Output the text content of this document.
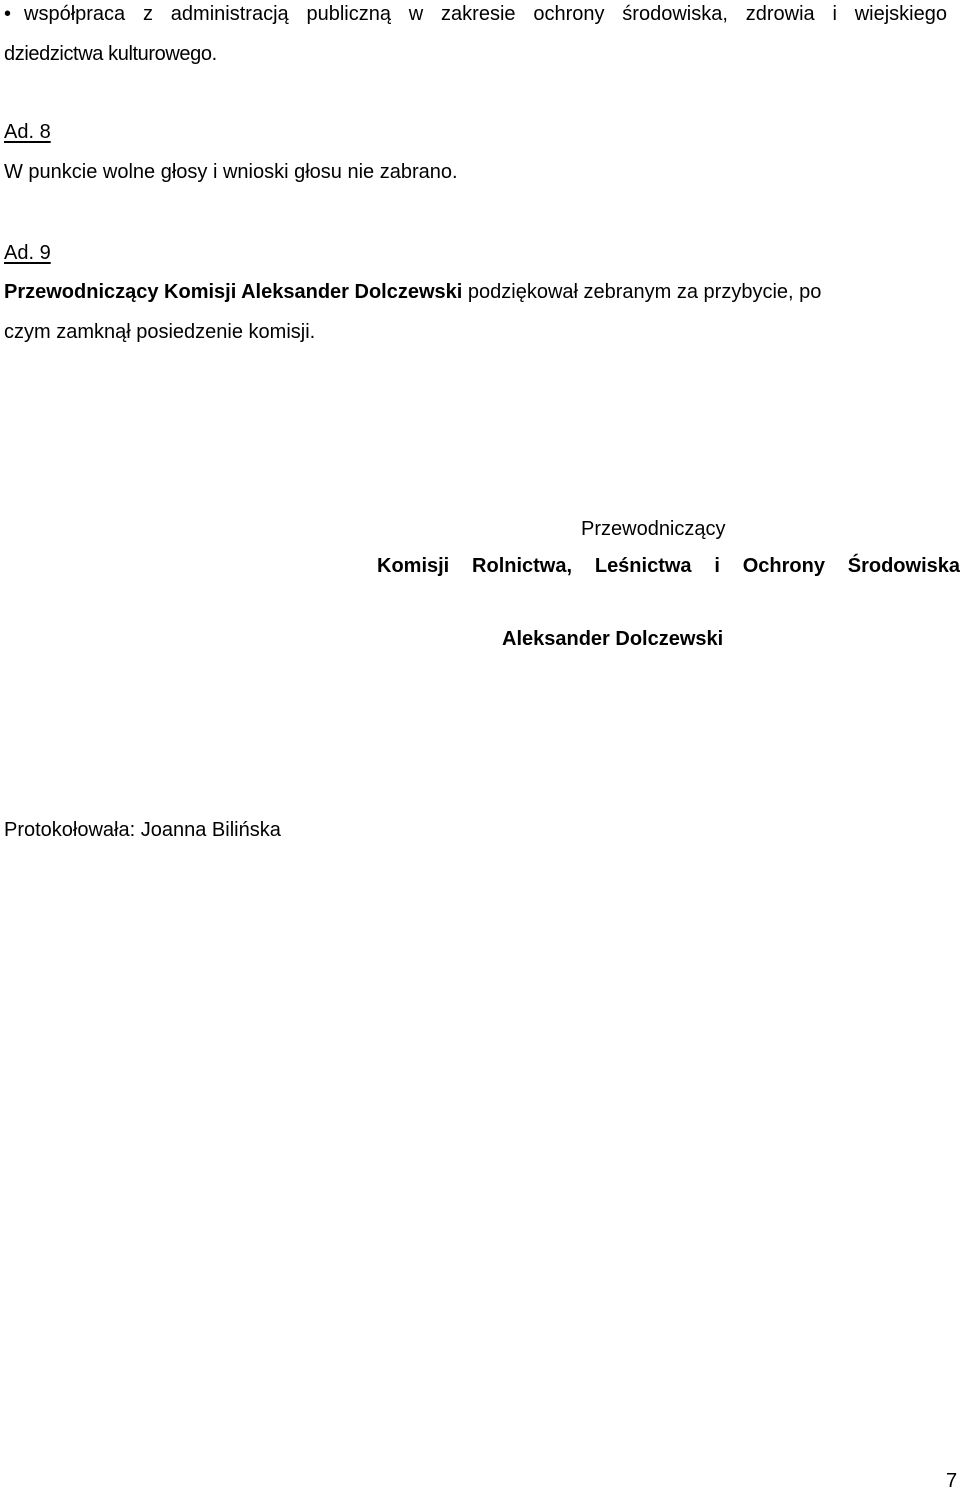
• współpraca z administracją publiczną w zakresie ochrony środowiska, zdrowia i wiejskiego
dziedzictwa kulturowego.
Ad. 8
W punkcie wolne głosy i wnioski głosu nie zabrano.
Ad. 9
Przewodniczący Komisji Aleksander Dolczewski podziękował zebranym za przybycie, po
czym zamknął posiedzenie komisji.
Przewodniczący
Komisji Rolnictwa, Leśnictwa i Ochrony Środowiska
Aleksander Dolczewski
Protokołowała: Joanna Bilińska
7
